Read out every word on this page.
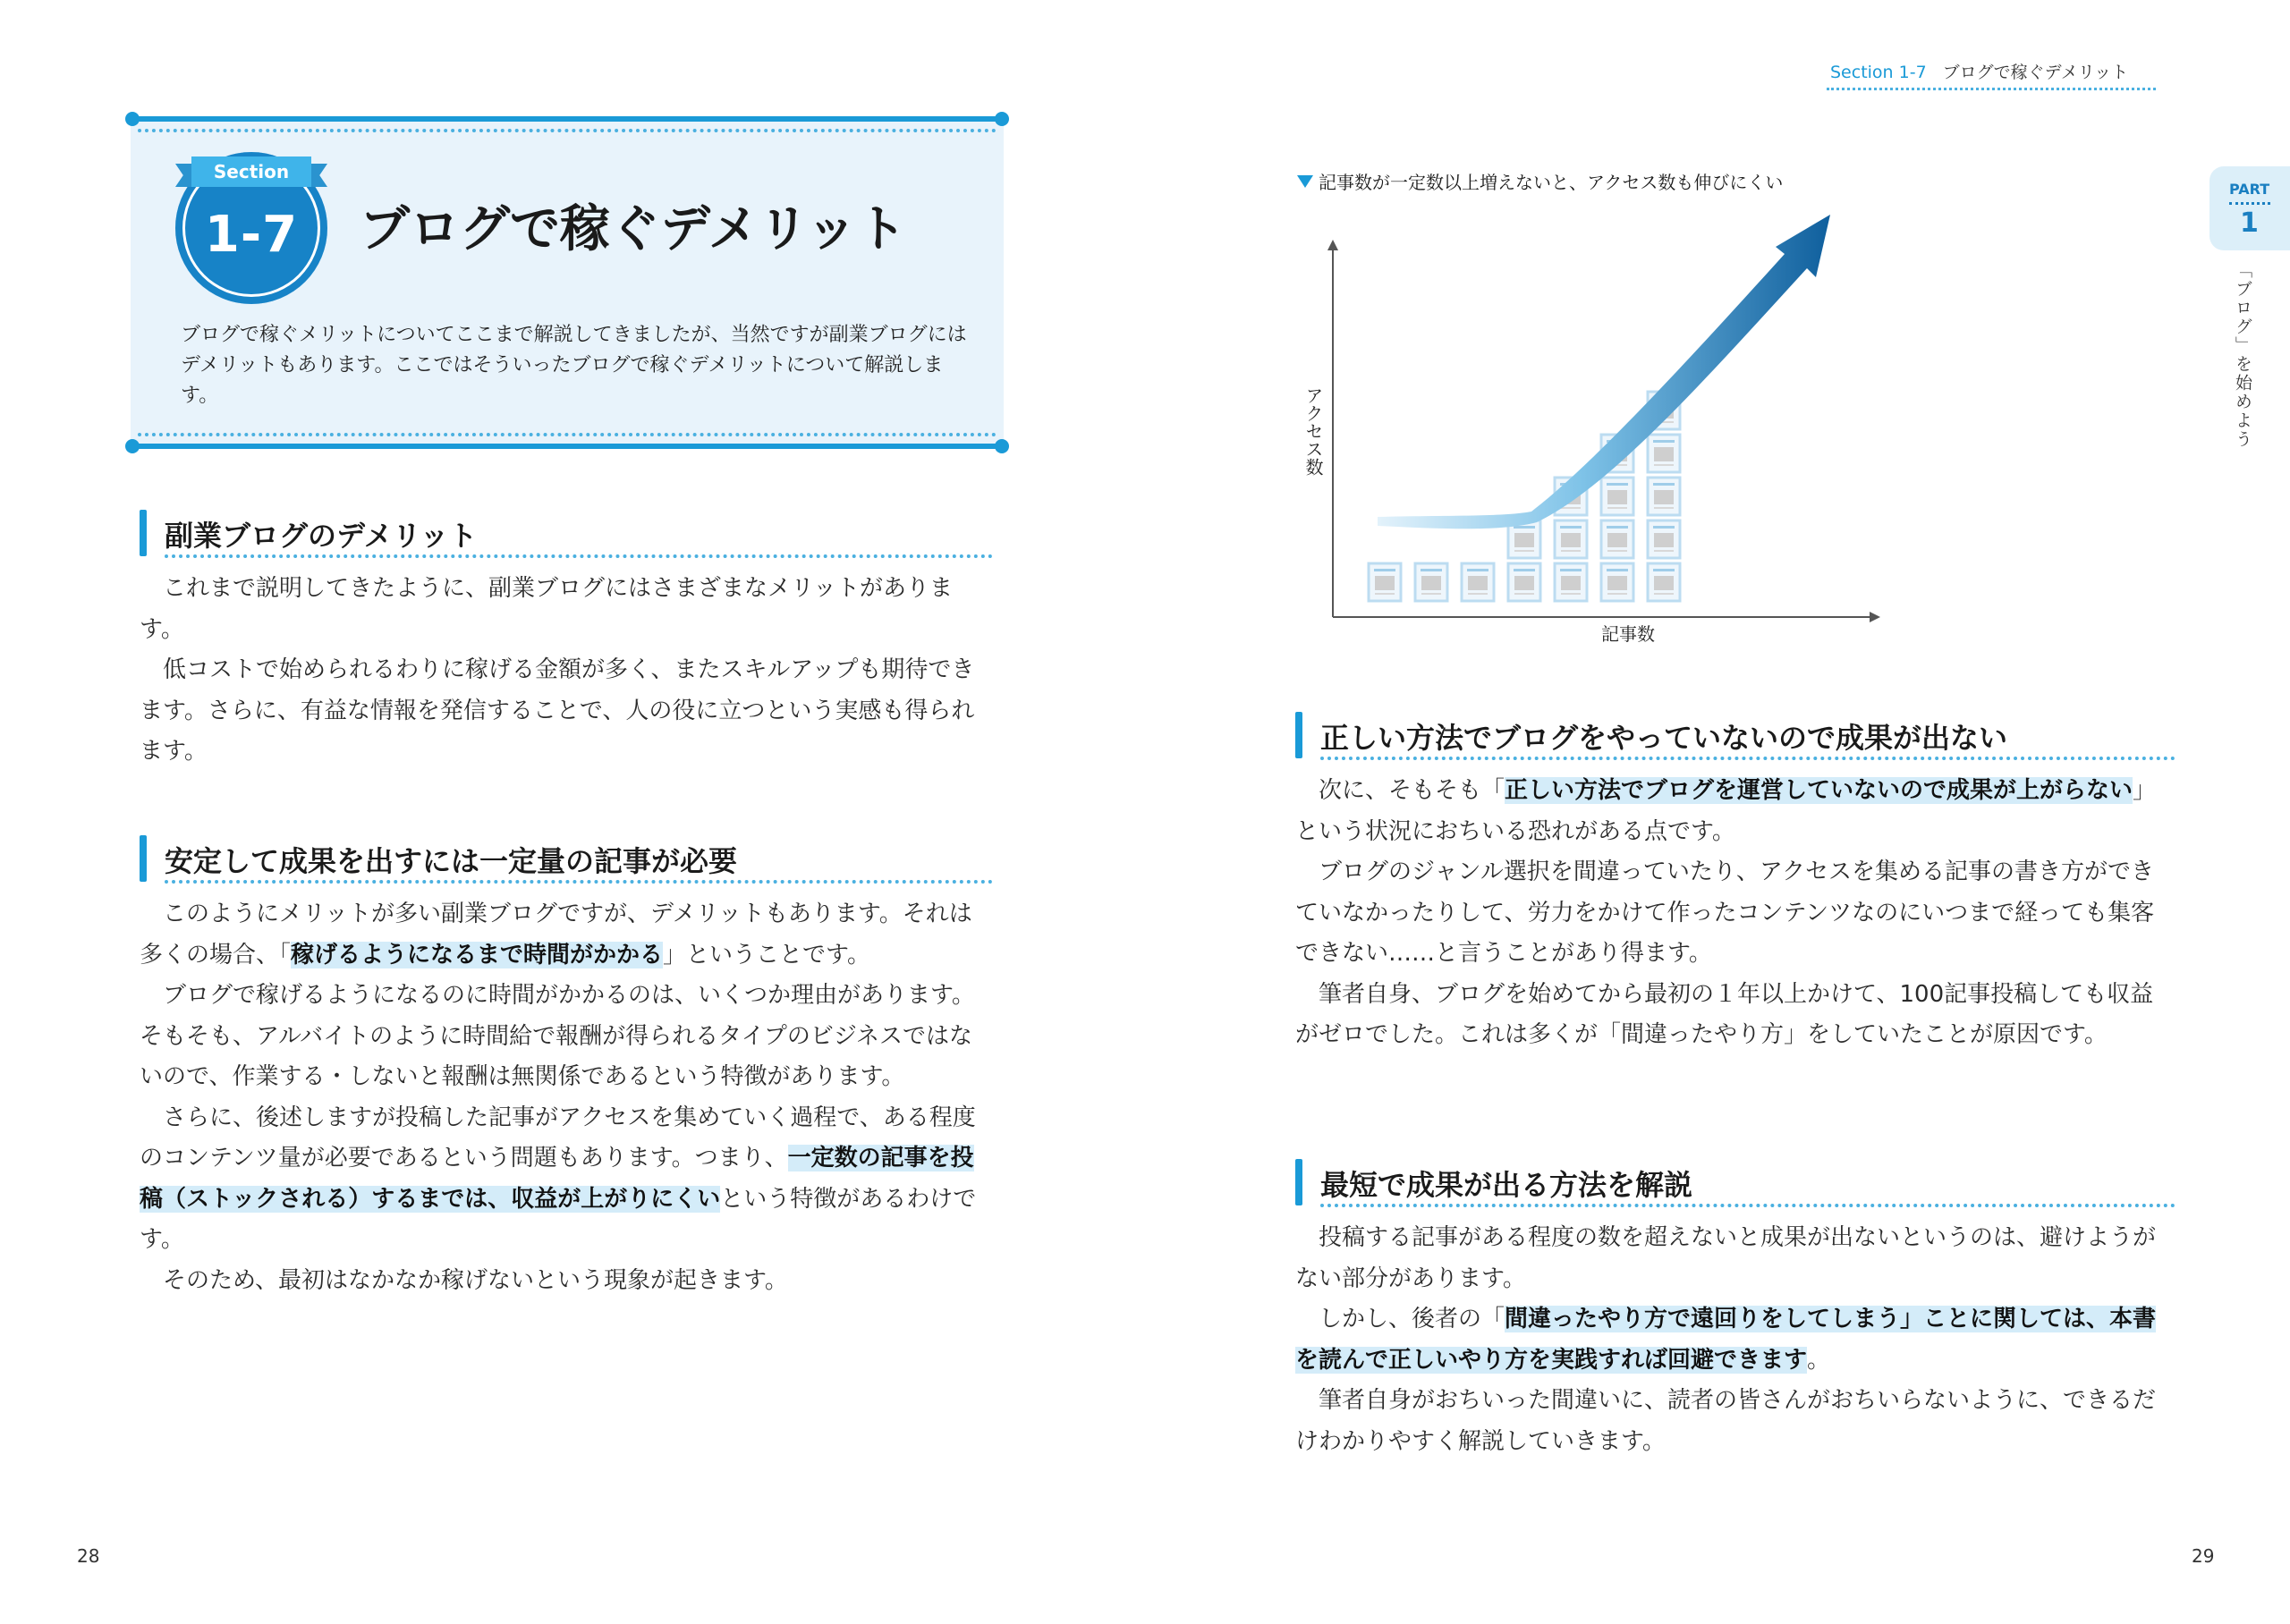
Section 1-7 ブログで稼ぐデメリット
PART
1
「ブログ」を始めよう
1-7
Section
ブログで稼ぐデメリット
ブログで稼ぐメリットについてここまで解説してきましたが、当然ですが副業ブログにはデメリットもあります。ここではそういったブログで稼ぐデメリットについて解説します。
副業ブログのデメリット

これまで説明してきたように、副業ブログにはさまざまなメリットがあります。

低コストで始められるわりに稼げる金額が多く、またスキルアップも期待できます。さらに、有益な情報を発信することで、人の役に立つという実感も得られます。

安定して成果を出すには一定量の記事が必要

このようにメリットが多い副業ブログですが、デメリットもあります。それは多くの場合、「稼げるようになるまで時間がかかる」ということです。

ブログで稼げるようになるのに時間がかかるのは、いくつか理由があります。そもそも、アルバイトのように時間給で報酬が得られるタイプのビジネスではないので、作業する・しないと報酬は無関係であるという特徴があります。

さらに、後述しますが投稿した記事がアクセスを集めていく過程で、ある程度のコンテンツ量が必要であるという問題もあります。つまり、一定数の記事を投稿（ストックされる）するまでは、収益が上がりにくいという特徴があるわけです。

そのため、最初はなかなか稼げないという現象が起きます。

記事数が一定数以上増えないと、アクセス数も伸びにくい
記事数
アクセス数
正しい方法でブログをやっていないので成果が出ない

次に、そもそも「正しい方法でブログを運営していないので成果が上がらない」という状況におちいる恐れがある点です。

ブログのジャンル選択を間違っていたり、アクセスを集める記事の書き方ができていなかったりして、労力をかけて作ったコンテンツなのにいつまで経っても集客できない……と言うことがあり得ます。

筆者自身、ブログを始めてから最初の１年以上かけて、100記事投稿しても収益がゼロでした。これは多くが「間違ったやり方」をしていたことが原因です。

最短で成果が出る方法を解説

投稿する記事がある程度の数を超えないと成果が出ないというのは、避けようがない部分があります。

しかし、後者の「間違ったやり方で遠回りをしてしまう」ことに関しては、本書を読んで正しいやり方を実践すれば回避できます。

筆者自身がおちいった間違いに、読者の皆さんがおちいらないように、できるだけわかりやすく解説していきます。

28	29
